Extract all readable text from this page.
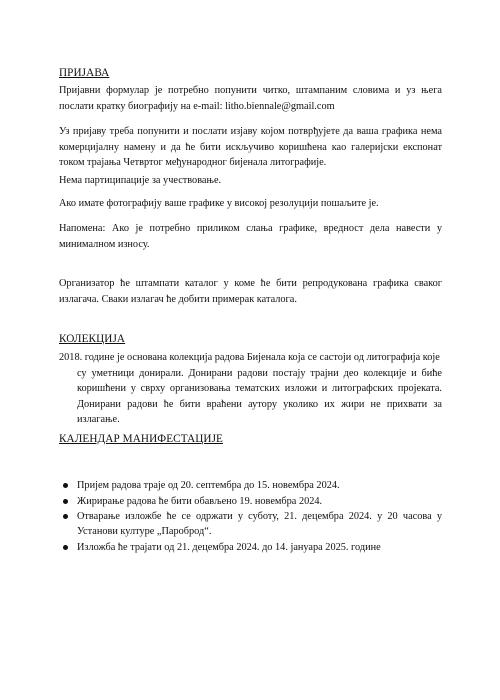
ПРИЈАВА

Пријавни формулар је потребно попунити читко, штампаним словима и уз њега послати кратку биографију на e-mail: litho.biennale@gmail.com

Уз пријаву треба попунити и послати изјаву којом потврђујете да ваша графика нема комерцијалну намену и да ће бити искључиво коришћена као галеријски експонат током трајања Четвртог међународног бијенала литографије.

Нема партиципације за учествовање.

Ако имате фотографију ваше графике у високој резолуцији пошаљите је.

Напомена: Ако је потребно приликом слања графике, вредност дела навести у минималном износу.

Организатор ће штампати каталог у коме ће бити репродукована графика сваког излагача. Сваки излагач ће добити примерак каталога.

КОЛЕКЦИЈА
2018. године је основана колекција радова Бијенала која се састоји од литографија које

су уметници донирали. Донирани радови постају трајни део колекције и биће коришћени у сврху организовања тематских изложи и литографских пројеката. Донирани радови ће бити враћени аутору уколико их жири не прихвати за излагање.

КАЛЕНДАР МАНИФЕСТАЦИЈЕ
Пријем радова траје од 20. септембра до 15. новембра 2024.
Жирирање радова ће бити обављено 19. новембра 2024.
Отварање изложбе ће се одржати у суботу, 21. децембра 2024. у 20 часова у Установи културе „Пароброд“.
Изложба ће трајати од 21. децембра 2024. до 14. јануара 2025. године
